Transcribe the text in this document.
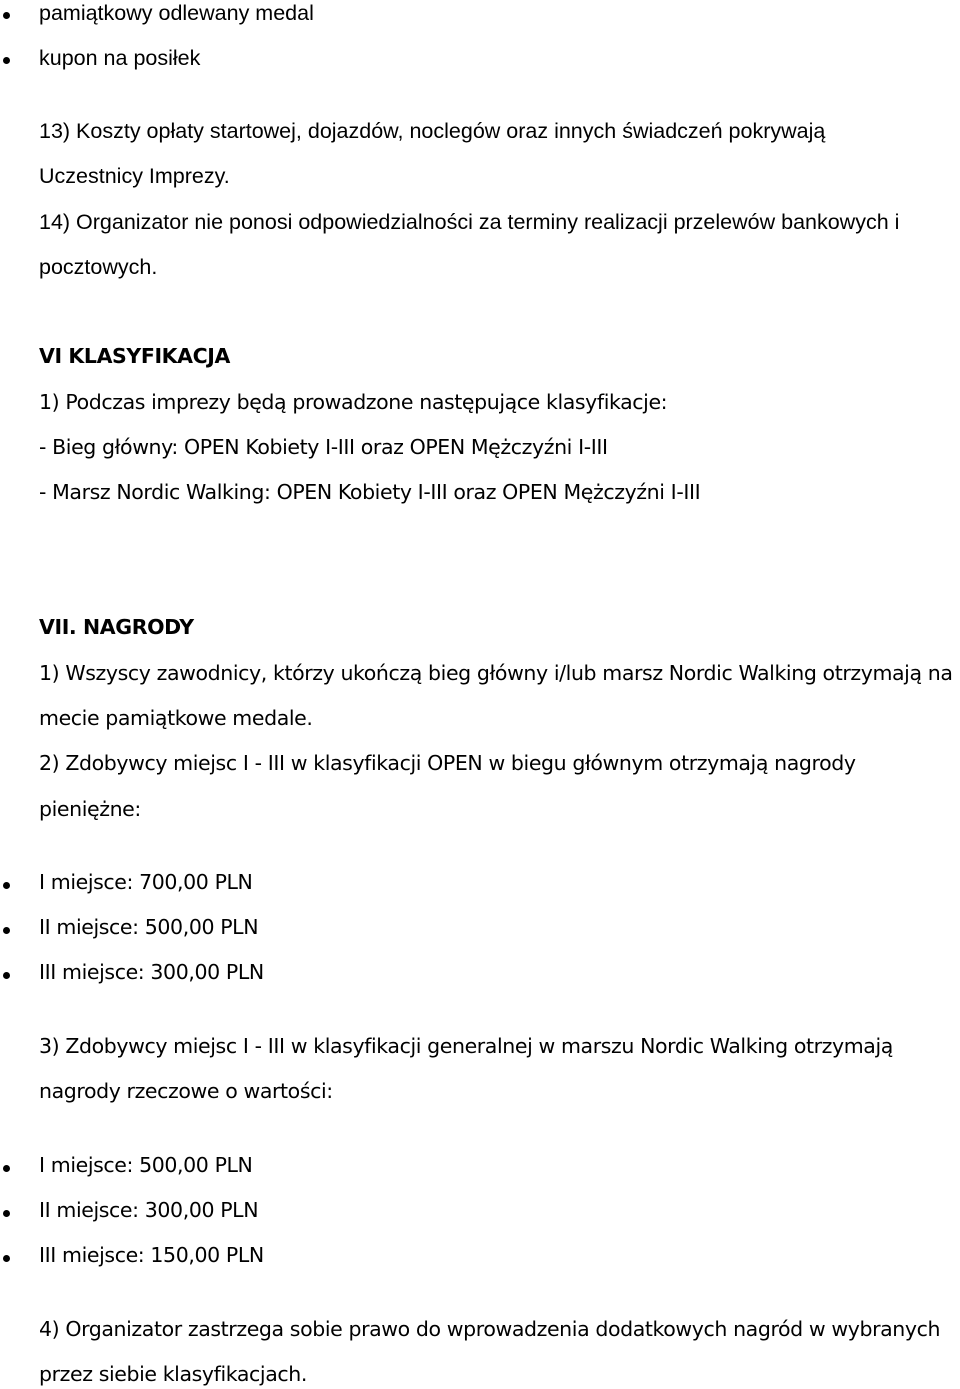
pamiątkowy odlewany medal
kupon na posiłek
13) Koszty opłaty startowej, dojazdów, noclegów oraz innych świadczeń pokrywają
Uczestnicy Imprezy.
14) Organizator nie ponosi odpowiedzialności za terminy realizacji przelewów bankowych i
pocztowych.
VI KLASYFIKACJA
1) Podczas imprezy będą prowadzone następujące klasyfikacje:
- Bieg główny: OPEN Kobiety I-III oraz OPEN Mężczyźni I-III
- Marsz Nordic Walking: OPEN Kobiety I-III oraz OPEN Mężczyźni I-III
VII. NAGRODY
1) Wszyscy zawodnicy, którzy ukończą bieg główny i/lub marsz Nordic Walking otrzymają na
mecie pamiątkowe medale.
2) Zdobywcy miejsc I - III w klasyfikacji OPEN w biegu głównym otrzymają nagrody
pieniężne:
I miejsce: 700,00 PLN
II miejsce: 500,00 PLN
III miejsce: 300,00 PLN
3) Zdobywcy miejsc I - III w klasyfikacji generalnej w marszu Nordic Walking otrzymają
nagrody rzeczowe o wartości:
I miejsce: 500,00 PLN
II miejsce: 300,00 PLN
III miejsce: 150,00 PLN
4) Organizator zastrzega sobie prawo do wprowadzenia dodatkowych nagród w wybranych
przez siebie klasyfikacjach.
